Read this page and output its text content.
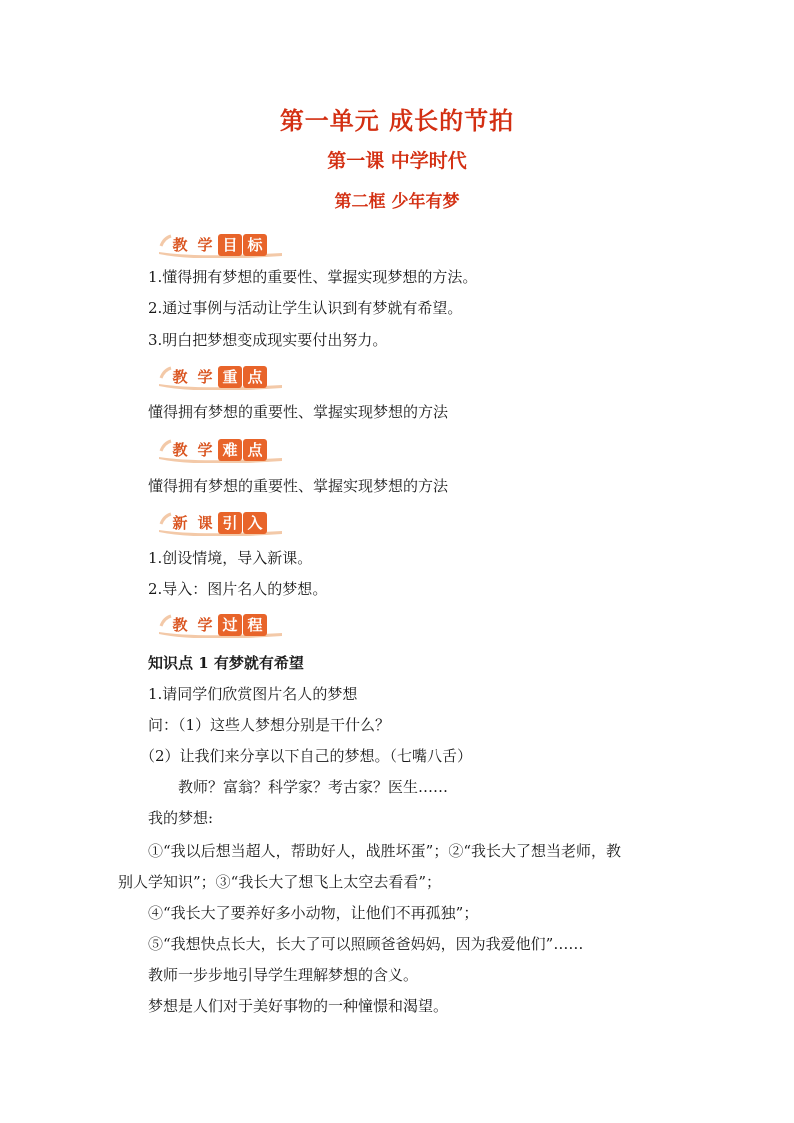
第一单元 成长的节拍
第一课 中学时代
第二框 少年有梦
教 学 目 标
1.懂得拥有梦想的重要性、掌握实现梦想的方法。
2.通过事例与活动让学生认识到有梦就有希望。
3.明白把梦想变成现实要付出努力。
教 学 重 点
懂得拥有梦想的重要性、掌握实现梦想的方法
教 学 难 点
懂得拥有梦想的重要性、掌握实现梦想的方法
新 课 引 入
1.创设情境，导入新课。
2.导入：图片名人的梦想。
教 学 过 程
知识点 1 有梦就有希望
1.请同学们欣赏图片名人的梦想
问：（1）这些人梦想分别是干什么？
（2）让我们来分享以下自己的梦想。（七嘴八舌）
教师？富翁？科学家？考古家？医生……
我的梦想:
①“我以后想当超人，帮助好人，战胜坏蛋”；②“我长大了想当老师，教
别人学知识”；③“我长大了想飞上太空去看看”；
④“我长大了要养好多小动物，让他们不再孤独”；
⑤“我想快点长大，长大了可以照顾爸爸妈妈，因为我爱他们”……
教师一步步地引导学生理解梦想的含义。
梦想是人们对于美好事物的一种憧憬和渴望。
